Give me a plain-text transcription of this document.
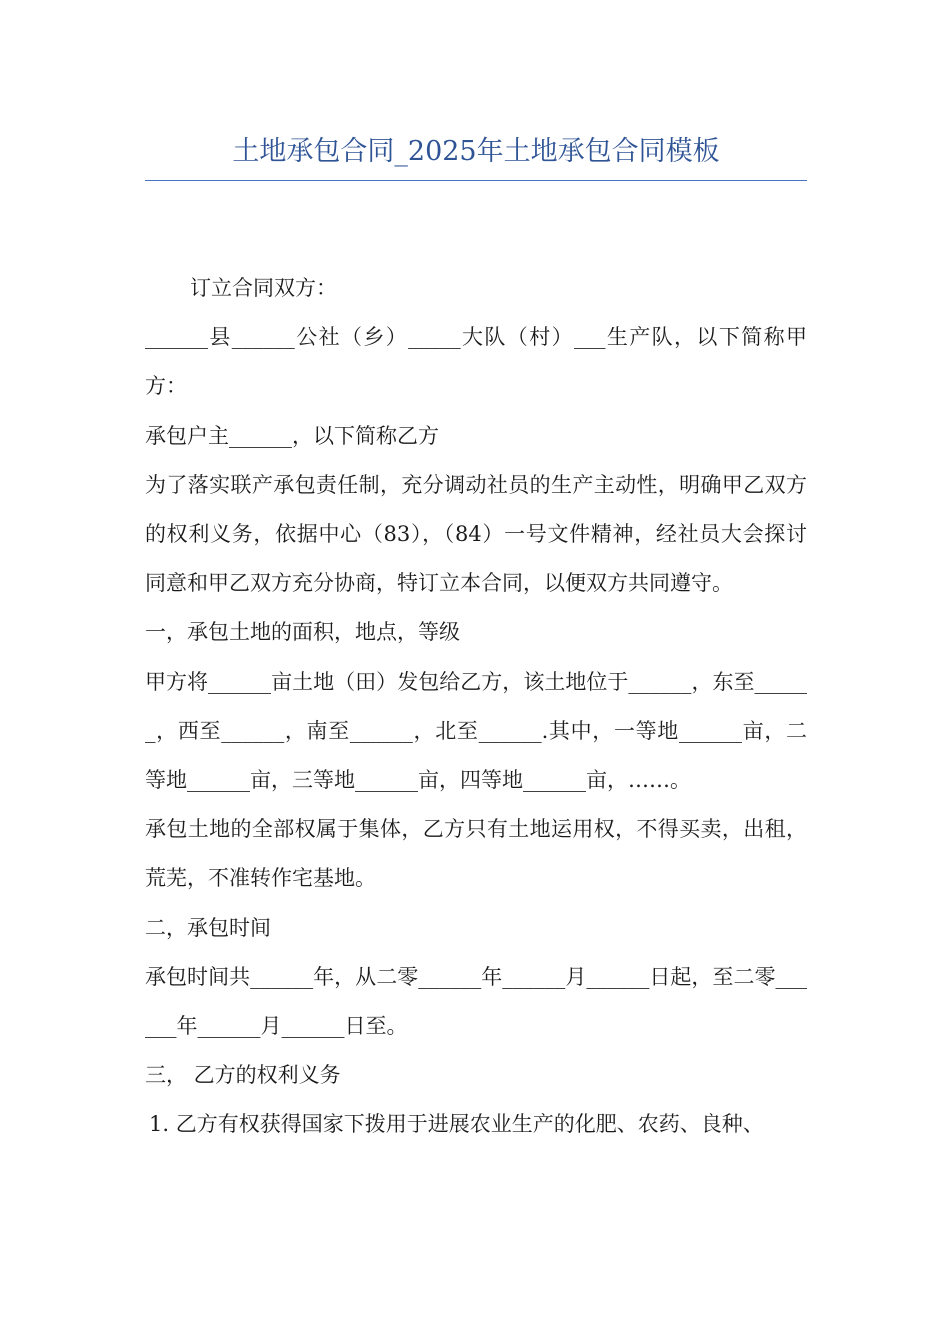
土地承包合同_2025年土地承包合同模板

订立合同双方：

______县______公社（乡）_____大队（村）___生产队，以下简称甲方：

承包户主______，以下简称乙方

为了落实联产承包责任制，充分调动社员的生产主动性，明确甲乙双方的权利义务，依据中心（83），（84）一号文件精神，经社员大会探讨同意和甲乙双方充分协商，特订立本合同，以便双方共同遵守。

一，承包土地的面积，地点，等级

甲方将______亩土地（田）发包给乙方，该土地位于______，东至______，西至______，南至______，北至______.其中，一等地______亩，二等地______亩，三等地______亩，四等地______亩，……。

承包土地的全部权属于集体，乙方只有土地运用权，不得买卖，出租，荒芜，不准转作宅基地。

二，承包时间

承包时间共______年，从二零______年______月______日起，至二零______年______月______日至。

三， 乙方的权利义务

1. 乙方有权获得国家下拨用于进展农业生产的化肥、农药、良种、
